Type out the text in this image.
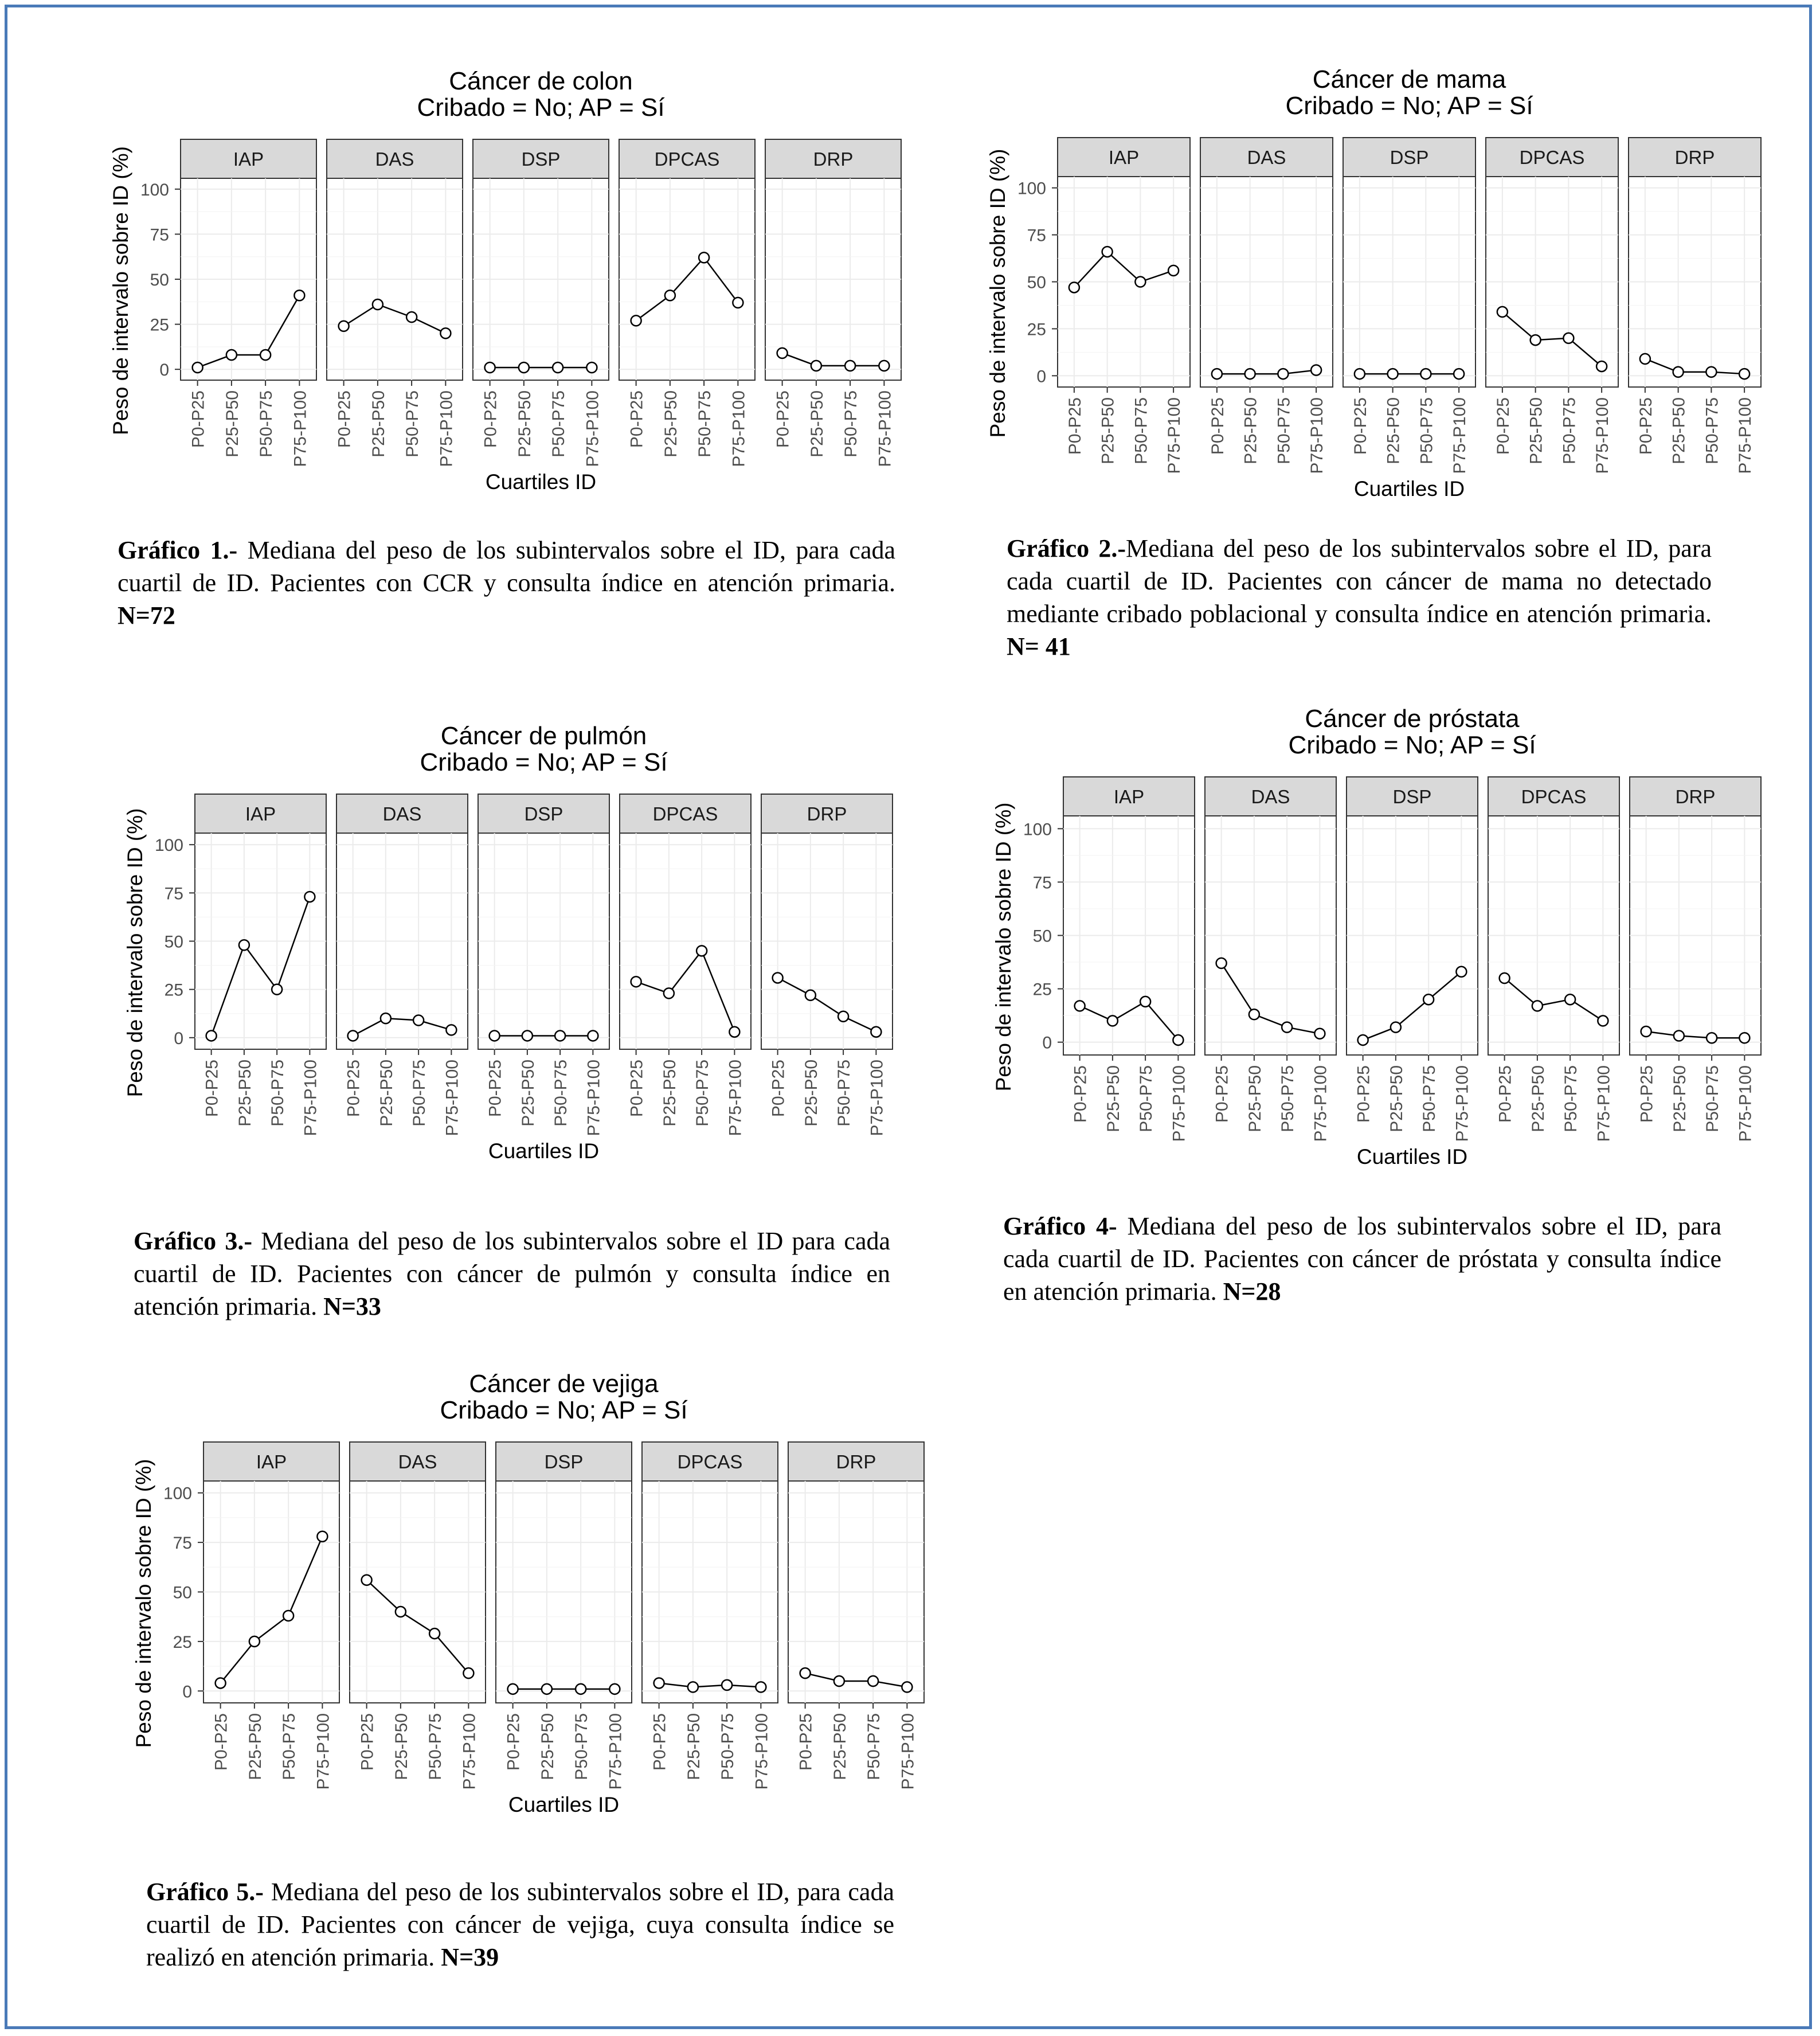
Cáncer de colon
Cribado = No; AP = Sí
Peso de intervalo sobre ID (%) 0
25
50
75
100
IAP
P0-P25 P25-P50 P50-P75 P75-P100
DAS
P0-P25 P25-P50 P50-P75 P75-P100
DSP
P0-P25 P25-P50 P50-P75 P75-P100
DPCAS
P0-P25 P25-P50 P50-P75 P75-P100
DRP
P0-P25 P25-P50 P50-P75 P75-P100
Cuartiles ID
Cáncer de mama
Cribado = No; AP = Sí
Peso de intervalo sobre ID (%) 0
25
50
75
100
IAP
P0-P25 P25-P50 P50-P75 P75-P100
DAS
P0-P25 P25-P50 P50-P75 P75-P100
DSP
P0-P25 P25-P50 P50-P75 P75-P100
DPCAS
P0-P25 P25-P50 P50-P75 P75-P100
DRP
P0-P25 P25-P50 P50-P75 P75-P100
Cuartiles ID
Cáncer de pulmón
Cribado = No; AP = Sí
Peso de intervalo sobre ID (%) 0
25
50
75
100
IAP
P0-P25 P25-P50 P50-P75 P75-P100
DAS
P0-P25 P25-P50 P50-P75 P75-P100
DSP
P0-P25 P25-P50 P50-P75 P75-P100
DPCAS
P0-P25 P25-P50 P50-P75 P75-P100
DRP
P0-P25 P25-P50 P50-P75 P75-P100
Cuartiles ID
Cáncer de próstata
Cribado = No; AP = Sí
Peso de intervalo sobre ID (%) 0
25
50
75
100
IAP
P0-P25 P25-P50 P50-P75 P75-P100
DAS
P0-P25 P25-P50 P50-P75 P75-P100
DSP
P0-P25 P25-P50 P50-P75 P75-P100
DPCAS
P0-P25 P25-P50 P50-P75 P75-P100
DRP
P0-P25 P25-P50 P50-P75 P75-P100
Cuartiles ID
Cáncer de vejiga
Cribado = No; AP = Sí
Peso de intervalo sobre ID (%) 0
25
50
75
100
IAP
P0-P25 P25-P50 P50-P75 P75-P100
DAS
P0-P25 P25-P50 P50-P75 P75-P100
DSP
P0-P25 P25-P50 P50-P75 P75-P100
DPCAS
P0-P25 P25-P50 P50-P75 P75-P100
DRP
P0-P25 P25-P50 P50-P75 P75-P100
Cuartiles ID
Gráfico 1.- Mediana del peso de los subintervalos sobre el ID, para cada cuartil de ID. Pacientes con CCR y consulta índice en atención primaria. N=72
Gráfico 2.-Mediana del peso de los subintervalos sobre el ID, para cada cuartil de ID. Pacientes con cáncer de mama no detectado mediante cribado poblacional y consulta índice en atención primaria. N= 41
Gráfico 3.- Mediana del peso de los subintervalos sobre el ID para cada cuartil de ID. Pacientes con cáncer de pulmón y consulta índice en atención primaria. N=33
Gráfico 4- Mediana del peso de los subintervalos sobre el ID, para cada cuartil de ID. Pacientes con cáncer de próstata y consulta índice en atención primaria. N=28
Gráfico 5.- Mediana del peso de los subintervalos sobre el ID, para cada cuartil de ID. Pacientes con cáncer de vejiga, cuya consulta índice se realizó en atención primaria. N=39
